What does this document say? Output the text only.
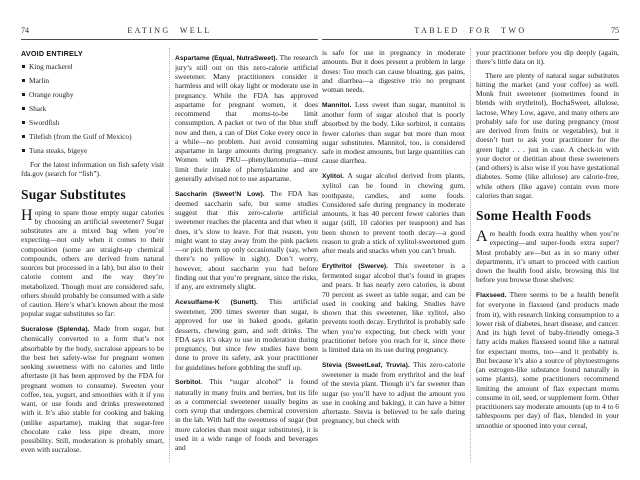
74	EATING WELL
AVOID ENTIRELY
King mackerel
Marlin
Orange roughy
Shark
Swordfish
Tilefish (from the Gulf of Mexico)
Tuna steaks, bigeye

For the latest information on fish safety visit fda.gov (search for “fish”).

Sugar Substitutes

Hoping to spare those empty sugar calories by choosing an artificial sweetener? Sugar substitutes are a mixed bag when you’re expecting—not only when it comes to their composition (some are straight-up chemical compounds, others are derived from natural sources but processed in a lab), but also to their calorie content and the way they’re metabolized. Though most are considered safe, others should probably be consumed with a side of caution. Here’s what’s known about the most popular sugar substitutes so far:

Sucralose (Splenda). Made from sugar, but chemically converted to a form that’s not absorbable by the body, sucralose appears to be the best bet safety-wise for pregnant women seeking sweetness with no calories and little aftertaste (it has been approved by the FDA for pregnant women to consume). Sweeten your coffee, tea, yogurt, and smoothies with it if you want, or use foods and drinks presweetened with it. It’s also stable for cooking and baking (unlike aspartame), making that sugar-free chocolate cake less pipe dream, more possibility. Still, moderation is probably smart, even with sucralose.

Aspartame (Equal, NutraSweet). The research jury’s still out on this zero-calorie artificial sweetener. Many practitioners consider it harmless and will okay light or moderate use in pregnancy. While the FDA has approved aspartame for pregnant women, it does recommend that moms-to-be limit consumption. A packet or two of the blue stuff now and then, a can of Diet Coke every once in a while—no problem. Just avoid consuming aspartame in large amounts during pregnancy. Women with PKU—phenylketonuria—must limit their intake of phenylalanine and are generally advised not to use aspartame.

Saccharin (Sweet’N Low). The FDA has deemed saccharin safe, but some studies suggest that this zero-calorie artificial sweetener reaches the placenta and that when it does, it’s slow to leave. For that reason, you might want to stay away from the pink packets—or pick them up only occasionally (say, when there’s no yellow in sight). Don’t worry, however, about saccharin you had before finding out that you’re pregnant, since the risks, if any, are extremely slight.

Acesulfame-K (Sunett). This artificial sweetener, 200 times sweeter than sugar, is approved for use in baked goods, gelatin desserts, chewing gum, and soft drinks. The FDA says it’s okay to use in moderation during pregnancy, but since few studies have been done to prove its safety, ask your practitioner for guidelines before gobbling the stuff up.

Sorbitol. This “sugar alcohol” is found naturally in many fruits and berries, but its life as a commercial sweetener usually begins as corn syrup that undergoes chemical conversion in the lab. With half the sweetness of sugar (but more calories than most sugar substitutes), it is used in a wide range of foods and beverages and

TABLED FOR TWO	75

is safe for use in pregnancy in moderate amounts. But it does present a problem in large doses: Too much can cause bloating, gas pains, and diarrhea—a digestive trio no pregnant woman needs.

Mannitol. Less sweet than sugar, mannitol is another form of sugar alcohol that is poorly absorbed by the body. Like sorbitol, it contains fewer calories than sugar but more than most sugar substitutes. Mannitol, too, is considered safe in modest amounts, but large quantities can cause diarrhea.

Xylitol. A sugar alcohol derived from plants, xylitol can be found in chewing gum, toothpaste, candies, and some foods. Considered safe during pregnancy in moderate amounts, it has 40 percent fewer calories than sugar (still, 10 calories per teaspoon) and has been shown to prevent tooth decay—a good reason to grab a stick of xylitol-sweetened gum after meals and snacks when you can’t brush.

Erythritol (Swerve). This sweetener is a fermented sugar alcohol that’s found in grapes and pears. It has nearly zero calories, is about 70 percent as sweet as table sugar, and can be used in cooking and baking. Studies have shown that this sweetener, like xylitol, also prevents tooth decay. Erythritol is probably safe when you’re expecting, but check with your practitioner before you reach for it, since there is limited data on its use during pregnancy.

Stevia (SweetLeaf, Truvia). This zero-calorie sweetener is made from erythritol and the leaf of the stevia plant. Though it’s far sweeter than sugar (so you’ll have to adjust the amount you use in cooking and baking), it can have a bitter aftertaste. Stevia is believed to be safe during pregnancy, but check with

your practitioner before you dip deeply (again, there’s little data on it).

There are plenty of natural sugar substitutes hitting the market (and your coffee) as well. Monk fruit sweetener (sometimes found in blends with erythritol), BochaSweet, allulose, lactose, Whey Low, agave, and many others are probably safe for use during pregnancy (most are derived from fruits or vegetables), but it doesn’t hurt to ask your practitioner for the green light . . . just in case. A check-in with your doctor or dietitian about these sweeteners (and others) is also wise if you have gestational diabetes. Some (like allulose) are calorie-free, while others (like agave) contain even more calories than sugar.

Some Health Foods

Are health foods extra healthy when you’re expecting—and super-foods extra super? Most probably are—but as in so many other departments, it’s smart to proceed with caution down the health food aisle, browsing this list before you browse those shelves:

Flaxseed. There seems to be a health benefit for everyone in flaxseed (and products made from it), with research linking consumption to a lower risk of diabetes, heart disease, and cancer. And its high level of baby-friendly omega-3 fatty acids makes flaxseed sound like a natural for expectant moms, too—and it probably is. But because it’s also a source of phytoestrogens (an estrogen-like substance found naturally in some plants), some practitioners recommend limiting the amount of flax expectant moms consume in oil, seed, or supplement form. Other practitioners say moderate amounts (up to 4 to 6 tablespoons per day) of flax, blended in your smoothie or spooned into your cereal,
